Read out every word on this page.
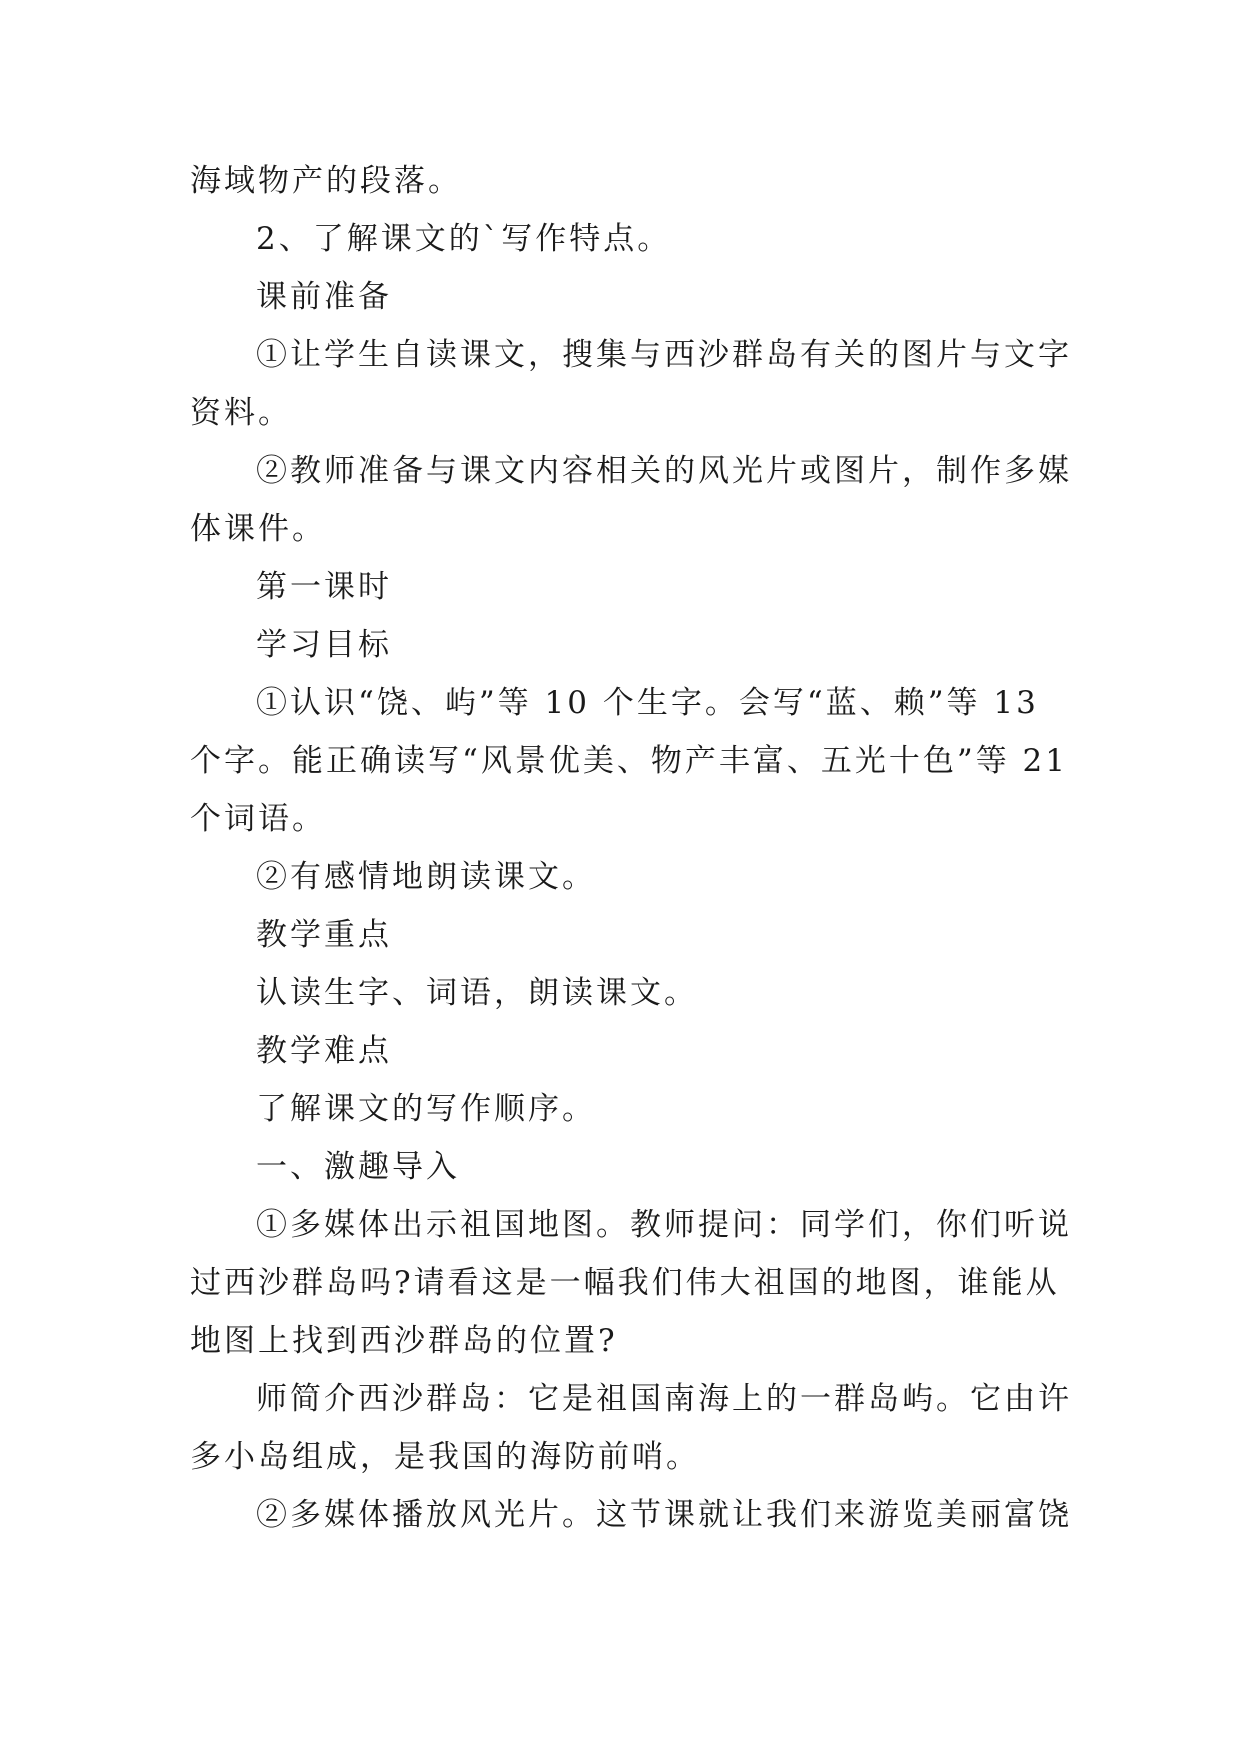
海域物产的段落。
2、了解课文的`写作特点。
课前准备
①让学生自读课文，搜集与西沙群岛有关的图片与文字
资料。
②教师准备与课文内容相关的风光片或图片，制作多媒
体课件。
第一课时
学习目标
①认识“饶、屿”等 10 个生字。会写“蓝、赖”等 13
个字。能正确读写“风景优美、物产丰富、五光十色”等 21
个词语。
②有感情地朗读课文。
教学重点
认读生字、词语，朗读课文。
教学难点
了解课文的写作顺序。
一、激趣导入
①多媒体出示祖国地图。教师提问：同学们，你们听说
过西沙群岛吗?请看这是一幅我们伟大祖国的地图，谁能从
地图上找到西沙群岛的位置?
师简介西沙群岛：它是祖国南海上的一群岛屿。它由许
多小岛组成，是我国的海防前哨。
②多媒体播放风光片。这节课就让我们来游览美丽富饶
